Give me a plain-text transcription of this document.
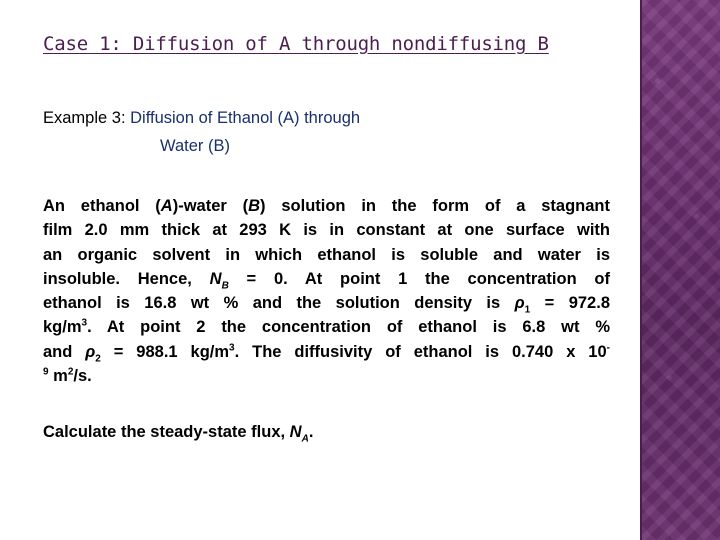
Case 1: Diffusion of A through nondiffusing B
Example 3: Diffusion of Ethanol (A) through
Water (B)
An ethanol (A)-water (B) solution in the form of a stagnant
film 2.0 mm thick at 293 K is in constant at one surface with
an organic solvent in which ethanol is soluble and water is
insoluble. Hence, $N_B = 0$. At point 1 the concentration of
ethanol is 16.8 wt % and the solution density is $\rho_1 = 972.8$
$kg/m^3$. At point 2 the concentration of ethanol is 6.8 wt %
and $\rho_2 = 988.1$ $kg/m^3$. The diffusivity of ethanol is 0.740 x 10-
$^9$ $m^2/s$.
Calculate the steady-state flux, $N_A$.
